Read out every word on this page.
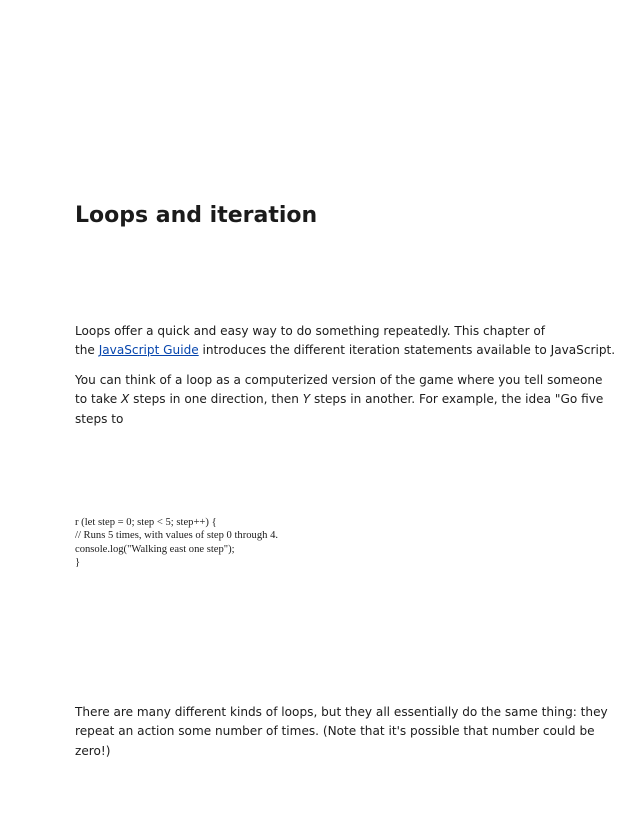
Loops and iteration

Loops offer a quick and easy way to do something repeatedly. This chapter of
the JavaScript Guide introduces the different iteration statements available to JavaScript.

You can think of a loop as a computerized version of the game where you tell someone
to take X steps in one direction, then Y steps in another. For example, the idea "Go five
steps to

r (let step = 0; step < 5; step++) {
// Runs 5 times, with values of step 0 through 4.
console.log("Walking east one step");
}

There are many different kinds of loops, but they all essentially do the same thing: they
repeat an action some number of times. (Note that it's possible that number could be
zero!)
